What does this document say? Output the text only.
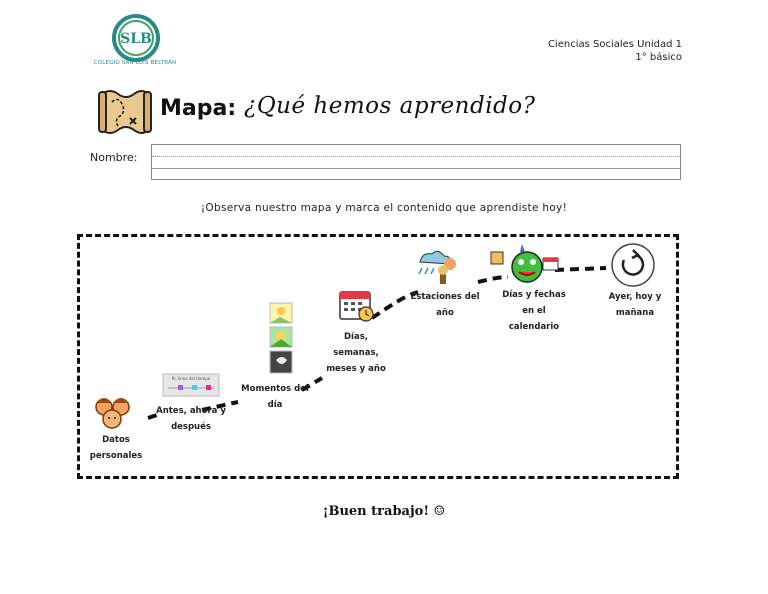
SLB
COLEGIO SAN LUIS BELTRÁN
Ciencias Sociales Unidad 1
1° básico
Mapa: ¿Qué hemos aprendido?
Nombre:
¡Observa nuestro mapa y marca el contenido que aprendiste hoy!
Pr. linea del tiempo
Datos personales
Antes, ahora y después
Momentos del día
Días, semanas, meses y año
Estaciones del año
Días y fechas en el calendario
Ayer, hoy y mañana
¡Buen trabajo! ☺
